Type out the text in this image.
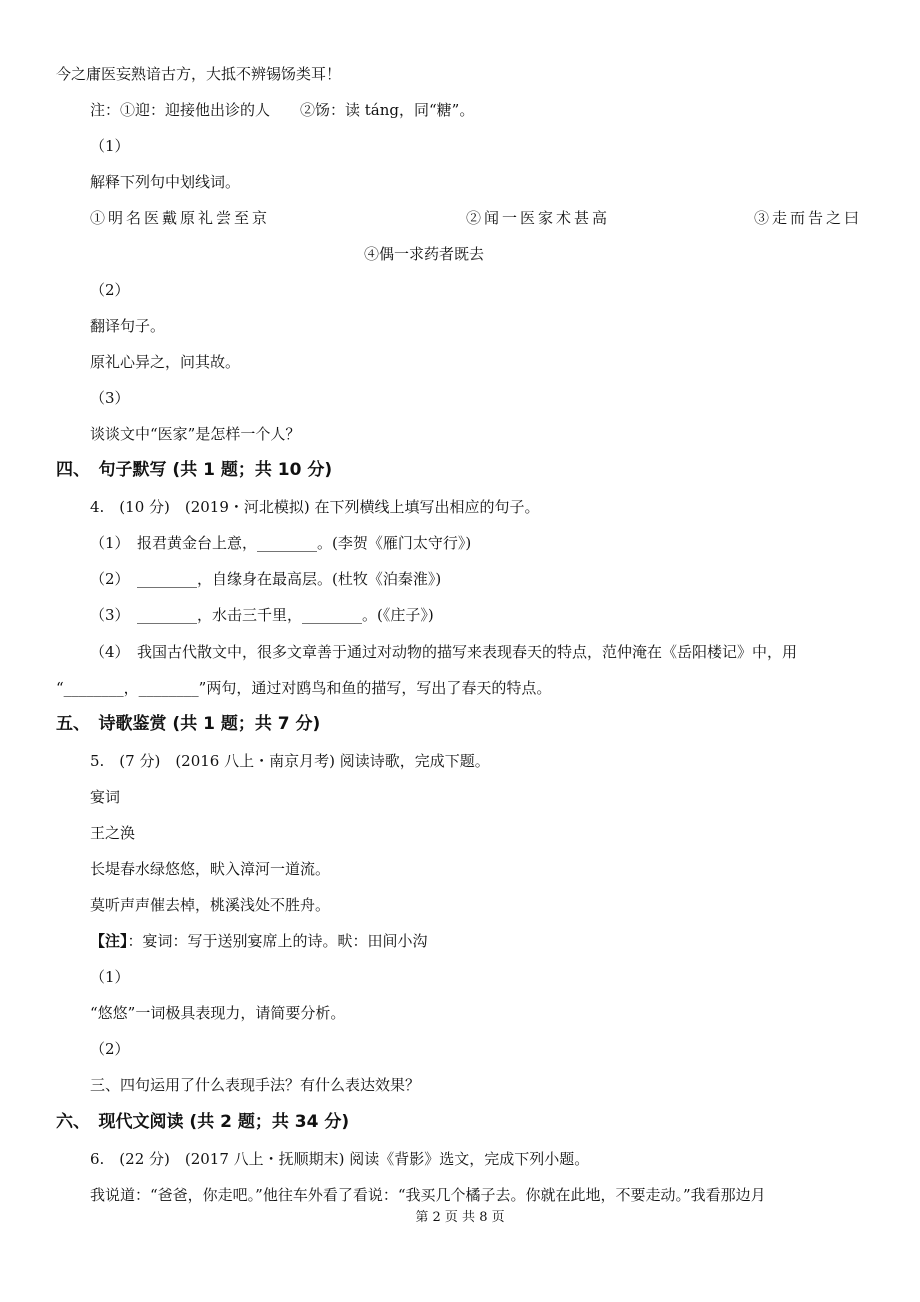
今之庸医妄熟谙古方，大抵不辨锡饧类耳！
注：①迎：迎接他出诊的人　　②饧：读 táng，同“糖”。
（1）
解释下列句中划线词。
①明名医戴原礼尝至京	②闻一医家术甚高	③走而告之曰
④偶一求药者既去
（2）
翻译句子。
原礼心异之，问其故。
（3）
谈谈文中“医家”是怎样一个人？
四、　句子默写 (共 1 题；共 10 分)
4.　(10 分)　(2019・河北模拟) 在下列横线上填写出相应的句子。
（1）　报君黄金台上意，________。(李贺《雁门太守行》)
（2）　________，自缘身在最高层。(杜牧《泊秦淮》)
（3）　________，水击三千里，________。(《庄子》)
（4）　我国古代散文中，很多文章善于通过对动物的描写来表现春天的特点，范仲淹在《岳阳楼记》中，用
“________，________”两句，通过对鸥鸟和鱼的描写，写出了春天的特点。
五、　诗歌鉴赏 (共 1 题；共 7 分)
5.　(7 分)　(2016 八上・南京月考) 阅读诗歌，完成下题。
宴词
王之涣
长堤春水绿悠悠，畎入漳河一道流。
莫听声声催去棹，桃溪浅处不胜舟。
【注】：宴词：写于送别宴席上的诗。畎：田间小沟
（1）
“悠悠”一词极具表现力，请简要分析。
（2）
三、四句运用了什么表现手法？有什么表达效果？
六、　现代文阅读 (共 2 题；共 34 分)
6.　(22 分)　(2017 八上・抚顺期末) 阅读《背影》选文，完成下列小题。
我说道：“爸爸，你走吧。”他往车外看了看说：“我买几个橘子去。你就在此地，不要走动。”我看那边月
第 2 页 共 8 页
